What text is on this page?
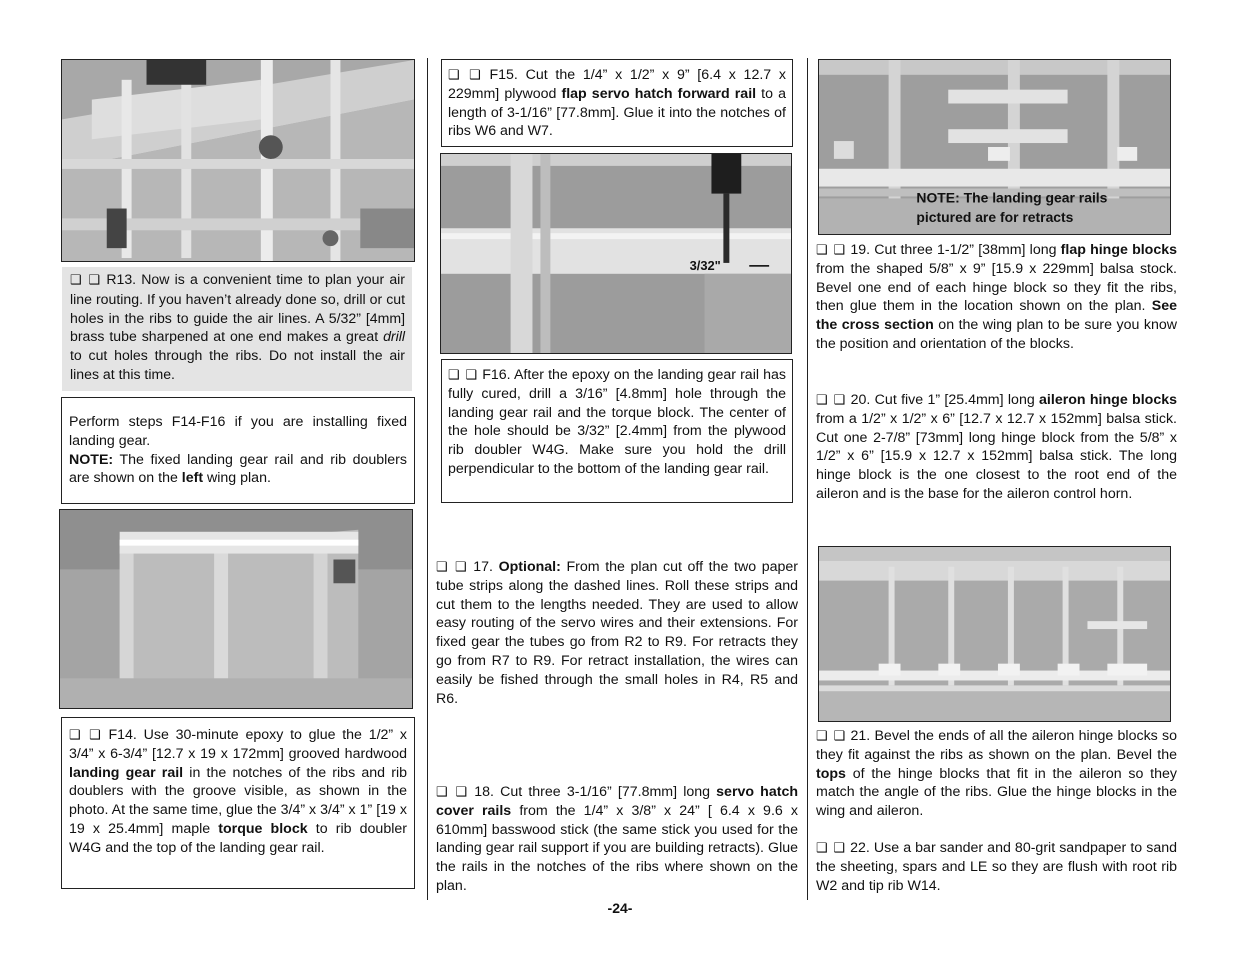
❑ ❑ R13. Now is a convenient time to plan your air line routing. If you haven’t already done so, drill or cut holes in the ribs to guide the air lines. A 5/32” [4mm] brass tube sharpened at one end makes a great drill to cut holes through the ribs. Do not install the air lines at this time.
Perform steps F14-F16 if you are installing fixed landing gear.
NOTE: The fixed landing gear rail and rib doublers are shown on the left wing plan.
❑ ❑ F14. Use 30-minute epoxy to glue the 1/2” x 3/4” x 6-3/4” [12.7 x 19 x 172mm] grooved hardwood landing gear rail in the notches of the ribs and rib doublers with the groove visible, as shown in the photo. At the same time, glue the 3/4” x 3/4” x 1” [19 x 19 x 25.4mm] maple torque block to rib doubler W4G and the top of the landing gear rail.
❑ ❑ F15. Cut the 1/4” x 1/2” x 9” [6.4 x 12.7 x 229mm] plywood flap servo hatch forward rail to a length of 3-1/16” [77.8mm]. Glue it into the notches of ribs W6 and W7.
3/32"
❑ ❑ F16. After the epoxy on the landing gear rail has fully cured, drill a 3/16” [4.8mm] hole through the landing gear rail and the torque block. The center of the hole should be 3/32” [2.4mm] from the plywood rib doubler W4G. Make sure you hold the drill perpendicular to the bottom of the landing gear rail.
❑ ❑ 17. Optional: From the plan cut off the two paper tube strips along the dashed lines. Roll these strips and cut them to the lengths needed. They are used to allow easy routing of the servo wires and their extensions. For fixed gear the tubes go from R2 to R9. For retracts they go from R7 to R9. For retract installation, the wires can easily be fished through the small holes in R4, R5 and R6.
❑ ❑ 18. Cut three 3-1/16” [77.8mm] long servo hatch cover rails from the 1/4” x 3/8” x 24” [ 6.4 x 9.6 x 610mm] basswood stick (the same stick you used for the landing gear rail support if you are building retracts). Glue the rails in the notches of the ribs where shown on the plan.
-24-
NOTE: The landing gear rails
pictured are for retracts
❑ ❑ 19. Cut three 1-1/2” [38mm] long flap hinge blocks from the shaped 5/8” x 9” [15.9 x 229mm] balsa stock. Bevel one end of each hinge block so they fit the ribs, then glue them in the location shown on the plan. See the cross section on the wing plan to be sure you know the position and orientation of the blocks.
❑ ❑ 20. Cut five 1” [25.4mm] long aileron hinge blocks from a 1/2” x 1/2” x 6” [12.7 x 12.7 x 152mm] balsa stick. Cut one 2-7/8” [73mm] long hinge block from the 5/8” x 1/2” x 6” [15.9 x 12.7 x 152mm] balsa stick. The long hinge block is the one closest to the root end of the aileron and is the base for the aileron control horn.
❑ ❑ 21. Bevel the ends of all the aileron hinge blocks so they fit against the ribs as shown on the plan. Bevel the tops of the hinge blocks that fit in the aileron so they match the angle of the ribs. Glue the hinge blocks in the wing and aileron.
❑ ❑ 22. Use a bar sander and 80-grit sandpaper to sand the sheeting, spars and LE so they are flush with root rib W2 and tip rib W14.
